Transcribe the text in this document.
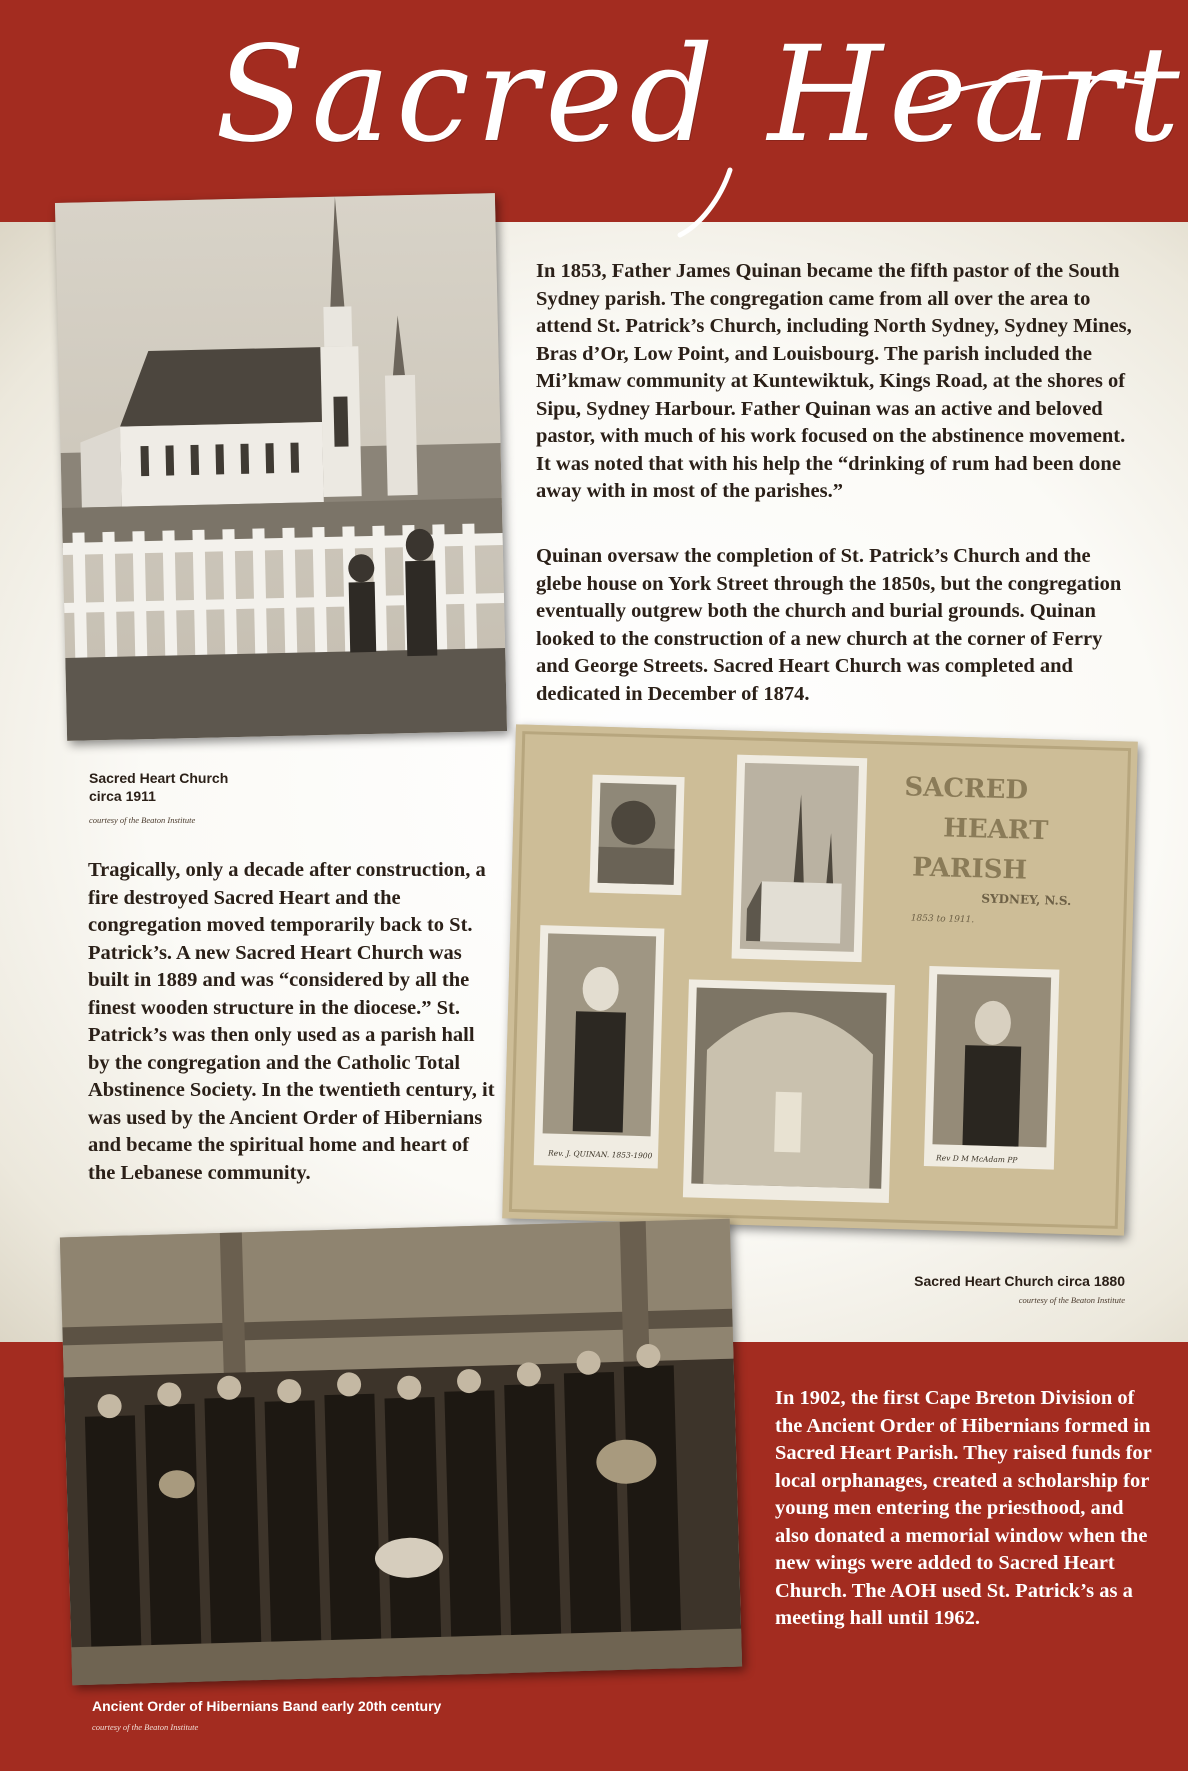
Sacred Heart
Sacred Heart Church
circa 1911
courtesy of the Beaton Institute

In 1853, Father James Quinan became the fifth pastor of the South Sydney parish. The congregation came from all over the area to attend St. Patrick’s Church, including North Sydney, Sydney Mines, Bras d’Or, Low Point, and Louisbourg. The parish included the Mi’kmaw community at Kuntewiktuk, Kings Road, at the shores of Sipu, Sydney Harbour. Father Quinan was an active and beloved pastor, with much of his work focused on the abstinence movement. It was noted that with his help the “drinking of rum had been done away with in most of the parishes.”

Quinan oversaw the completion of St. Patrick’s Church and the glebe house on York Street through the 1850s, but the congregation eventually outgrew both the church and burial grounds. Quinan looked to the construction of a new church at the corner of Ferry and George Streets. Sacred Heart Church was completed and dedicated in December of 1874.

Tragically, only a decade after construction, a fire destroyed Sacred Heart and the congregation moved temporarily back to St. Patrick’s. A new Sacred Heart Church was built in 1889 and was “considered by all the finest wooden structure in the diocese.” St. Patrick’s was then only used as a parish hall by the congregation and the Catholic Total Abstinence Society. In the twentieth century, it was used by the Ancient Order of Hibernians and became the spiritual home and heart of the Lebanese community.

SACRED
HEART
PARISH
SYDNEY, N.S.
1853 to 1911.
Rev. J. QUINAN. 1853-1900	Rev D M McAdam PP
Sacred Heart Church circa 1880
courtesy of the Beaton Institute

In 1902, the first Cape Breton Division of the Ancient Order of Hibernians formed in Sacred Heart Parish. They raised funds for local orphanages, created a scholarship for young men entering the priesthood, and also donated a memorial window when the new wings were added to Sacred Heart Church. The AOH used St. Patrick’s as a meeting hall until 1962.

Ancient Order of Hibernians Band early 20th century
courtesy of the Beaton Institute
